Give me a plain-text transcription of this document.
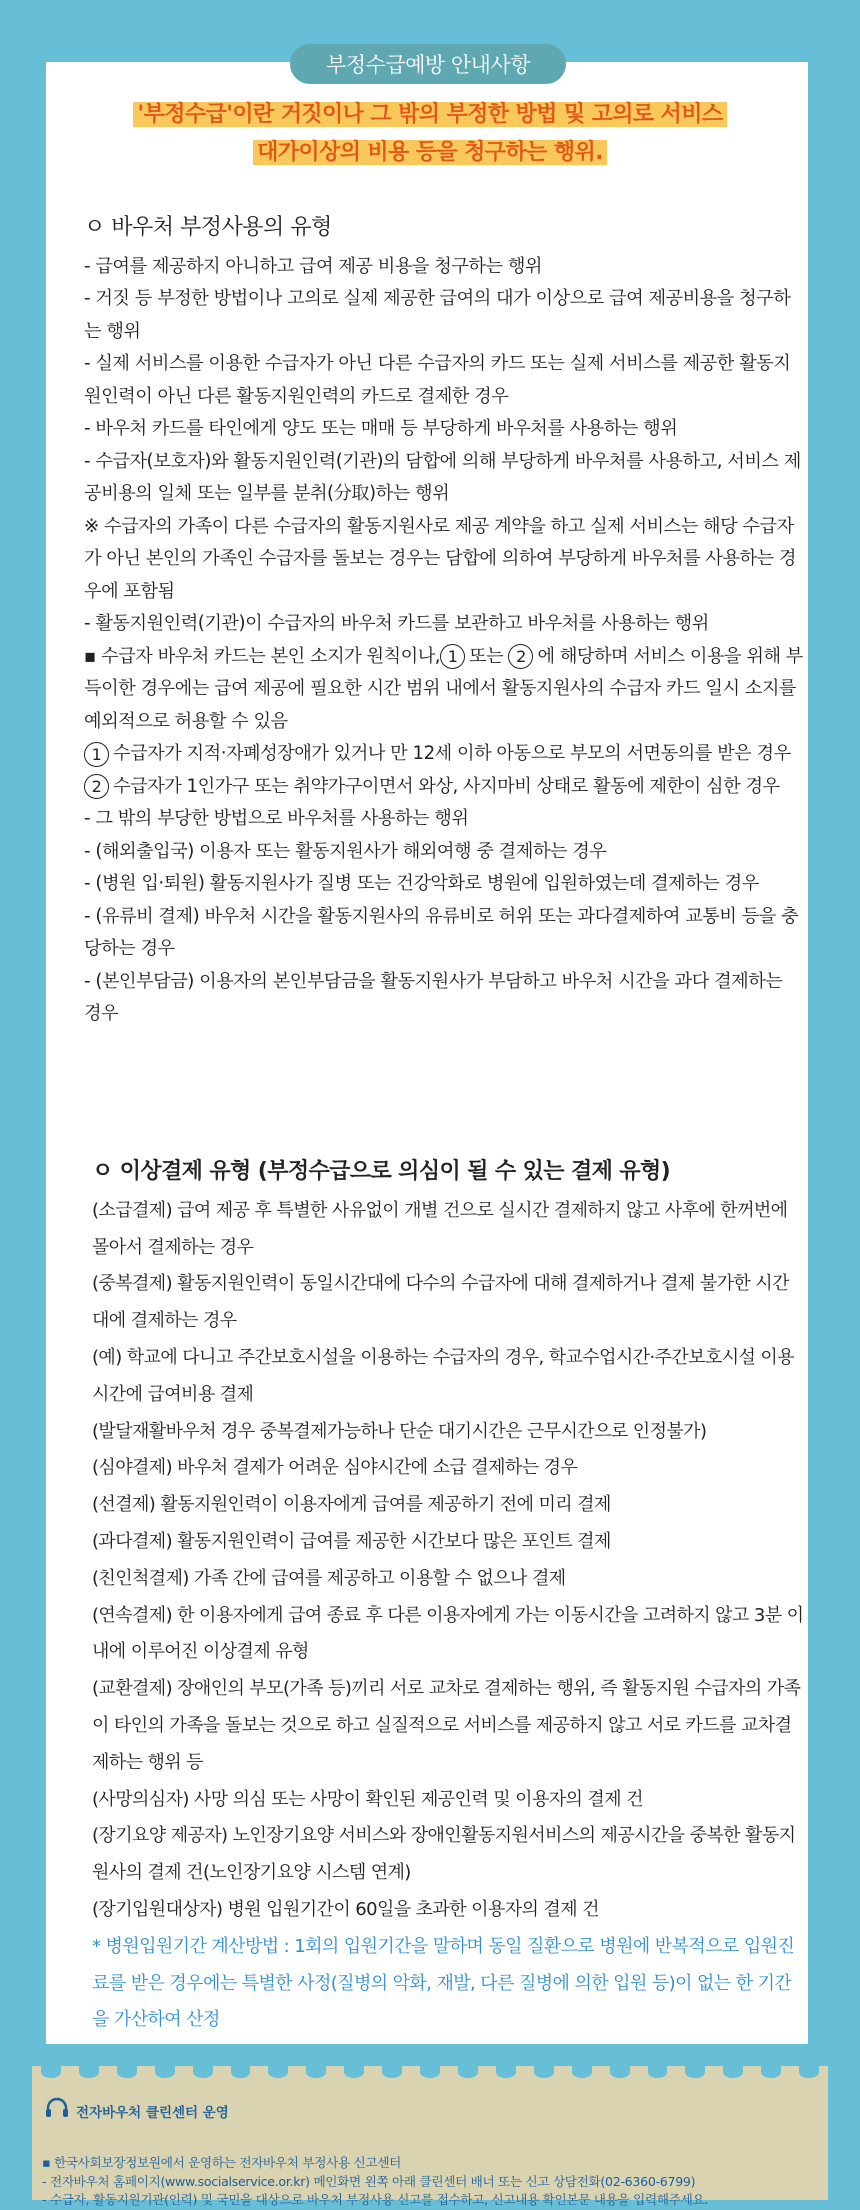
부정수급예방 안내사항
'부정수급'이란 거짓이나 그 밖의 부정한 방법 및 고의로 서비스
대가이상의 비용 등을 청구하는 행위.
ㅇ 바우처 부정사용의 유형
- 급여를 제공하지 아니하고 급여 제공 비용을 청구하는 행위
- 거짓 등 부정한 방법이나 고의로 실제 제공한 급여의 대가 이상으로 급여 제공비용을 청구하는 행위
- 실제 서비스를 이용한 수급자가 아닌 다른 수급자의 카드 또는 실제 서비스를 제공한 활동지원인력이 아닌 다른 활동지원인력의 카드로 결제한 경우
- 바우처 카드를 타인에게 양도 또는 매매 등 부당하게 바우처를 사용하는 행위
- 수급자(보호자)와 활동지원인력(기관)의 담합에 의해 부당하게 바우처를 사용하고, 서비스 제공비용의 일체 또는 일부를 분취(分取)하는 행위
※ 수급자의 가족이 다른 수급자의 활동지원사로 제공 계약을 하고 실제 서비스는 해당 수급자가 아닌 본인의 가족인 수급자를 돌보는 경우는 담합에 의하여 부당하게 바우처를 사용하는 경우에 포함됨
- 활동지원인력(기관)이 수급자의 바우처 카드를 보관하고 바우처를 사용하는 행위
▪ 수급자 바우처 카드는 본인 소지가 원칙이나, 1 또는 2 에 해당하며 서비스 이용을 위해 부득이한 경우에는 급여 제공에 필요한 시간 범위 내에서 활동지원사의 수급자 카드 일시 소지를 예외적으로 허용할 수 있음
1 수급자가 지적·자폐성장애가 있거나 만 12세 이하 아동으로 부모의 서면동의를 받은 경우
2 수급자가 1인가구 또는 취약가구이면서 와상, 사지마비 상태로 활동에 제한이 심한 경우
- 그 밖의 부당한 방법으로 바우처를 사용하는 행위
- (해외출입국) 이용자 또는 활동지원사가 해외여행 중 결제하는 경우
- (병원 입·퇴원) 활동지원사가 질병 또는 건강악화로 병원에 입원하였는데 결제하는 경우
- (유류비 결제) 바우처 시간을 활동지원사의 유류비로 허위 또는 과다결제하여 교통비 등을 충당하는 경우
- (본인부담금) 이용자의 본인부담금을 활동지원사가 부담하고 바우처 시간을 과다 결제하는 경우
ㅇ 이상결제 유형 (부정수급으로 의심이 될 수 있는 결제 유형)
(소급결제) 급여 제공 후 특별한 사유없이 개별 건으로 실시간 결제하지 않고 사후에 한꺼번에 몰아서 결제하는 경우
(중복결제) 활동지원인력이 동일시간대에 다수의 수급자에 대해 결제하거나 결제 불가한 시간대에 결제하는 경우
(예) 학교에 다니고 주간보호시설을 이용하는 수급자의 경우, 학교수업시간·주간보호시설 이용시간에 급여비용 결제
(발달재활바우처 경우 중복결제가능하나 단순 대기시간은 근무시간으로 인정불가)
(심야결제) 바우처 결제가 어려운 심야시간에 소급 결제하는 경우
(선결제) 활동지원인력이 이용자에게 급여를 제공하기 전에 미리 결제
(과다결제) 활동지원인력이 급여를 제공한 시간보다 많은 포인트 결제
(친인척결제) 가족 간에 급여를 제공하고 이용할 수 없으나 결제
(연속결제) 한 이용자에게 급여 종료 후 다른 이용자에게 가는 이동시간을 고려하지 않고 3분 이내에 이루어진 이상결제 유형
(교환결제) 장애인의 부모(가족 등)끼리 서로 교차로 결제하는 행위, 즉 활동지원 수급자의 가족이 타인의 가족을 돌보는 것으로 하고 실질적으로 서비스를 제공하지 않고 서로 카드를 교차결제하는 행위 등
(사망의심자) 사망 의심 또는 사망이 확인된 제공인력 및 이용자의 결제 건
(장기요양 제공자) 노인장기요양 서비스와 장애인활동지원서비스의 제공시간을 중복한 활동지원사의 결제 건(노인장기요양 시스템 연계)
(장기입원대상자) 병원 입원기간이 60일을 초과한 이용자의 결제 건
* 병원입원기간 계산방법 : 1회의 입원기간을 말하며 동일 질환으로 병원에 반복적으로 입원진료를 받은 경우에는 특별한 사정(질병의 악화, 재발, 다른 질병에 의한 입원 등)이 없는 한 기간을 가산하여 산정
전자바우처 클린센터 운영
▪ 한국사회보장정보원에서 운영하는 전자바우처 부정사용 신고센터
- 전자바우처 홈페이지(www.socialservice.or.kr) 메인화면 왼쪽 아래 클린센터 배너 또는 신고 상담전화(02-6360-6799)
- 수급자, 활동지원기관(인력) 및 국민을 대상으로 바우처 부정사용 신고를 접수하고, 신고내용 확인본문 내용을 입력해주세요.
